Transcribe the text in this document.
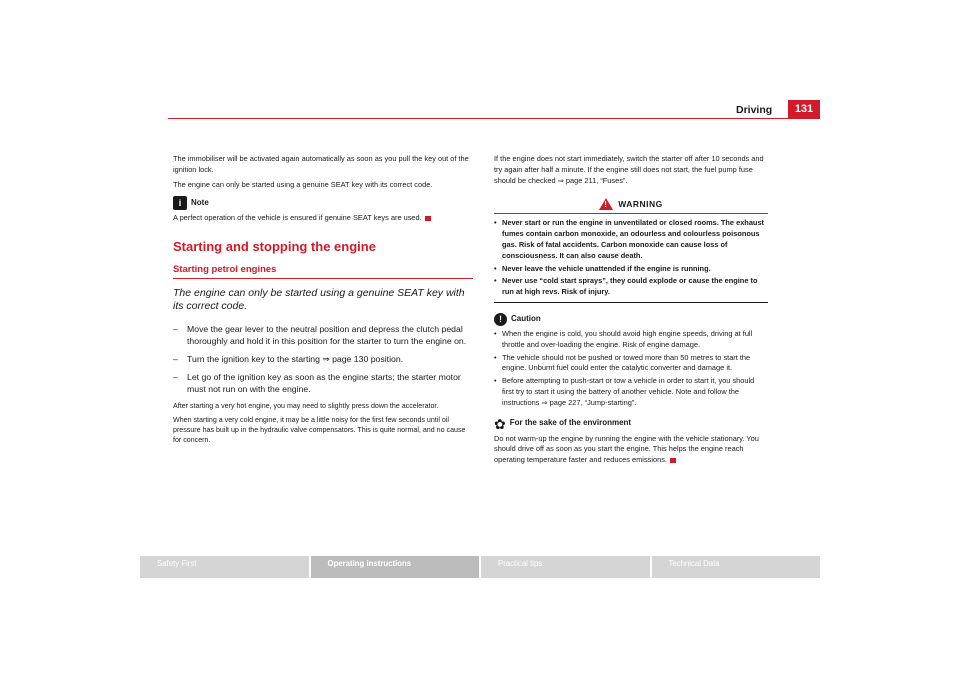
Driving	131

The immobiliser will be activated again automatically as soon as you pull the key out of the ignition lock.

The engine can only be started using a genuine SEAT key with its correct code.

i	Note

A perfect operation of the vehicle is ensured if genuine SEAT keys are used.

Starting and stopping the engine
Starting petrol engines
The engine can only be started using a genuine SEAT key with its correct code.
–	Move the gear lever to the neutral position and depress the clutch pedal thoroughly and hold it in this position for the starter to turn the engine on.
–	Turn the ignition key to the starting ⇒ page 130 position.
–	Let go of the ignition key as soon as the engine starts; the starter motor must not run on with the engine.

After starting a very hot engine, you may need to slightly press down the accelerator.

When starting a very cold engine, it may be a little noisy for the first few seconds until oil pressure has built up in the hydraulic valve compensators. This is quite normal, and no cause for concern.

If the engine does not start immediately, switch the starter off after 10 seconds and try again after half a minute. If the engine still does not start, the fuel pump fuse should be checked ⇒ page 211, “Fuses”.

! WARNING
• Never start or run the engine in unventilated or closed rooms. The exhaust fumes contain carbon monoxide, an odourless and colourless poisonous gas. Risk of fatal accidents. Carbon monoxide can cause loss of consciousness. It can also cause death.
• Never leave the vehicle unattended if the engine is running.
• Never use “cold start sprays”, they could explode or cause the engine to run at high revs. Risk of injury.
!	Caution
• When the engine is cold, you should avoid high engine speeds, driving at full throttle and over-loading the engine. Risk of engine damage.
• The vehicle should not be pushed or towed more than 50 metres to start the engine. Unburnt fuel could enter the catalytic converter and damage it.
• Before attempting to push-start or tow a vehicle in order to start it, you should first try to start it using the battery of another vehicle. Note and follow the instructions ⇒ page 227, “Jump-starting”.
✿ For the sake of the environment

Do not warm-up the engine by running the engine with the vehicle stationary. You should drive off as soon as you start the engine. This helps the engine reach operating temperature faster and reduces emissions.

Safety First	Operating instructions	Practical tips	Technical Data
